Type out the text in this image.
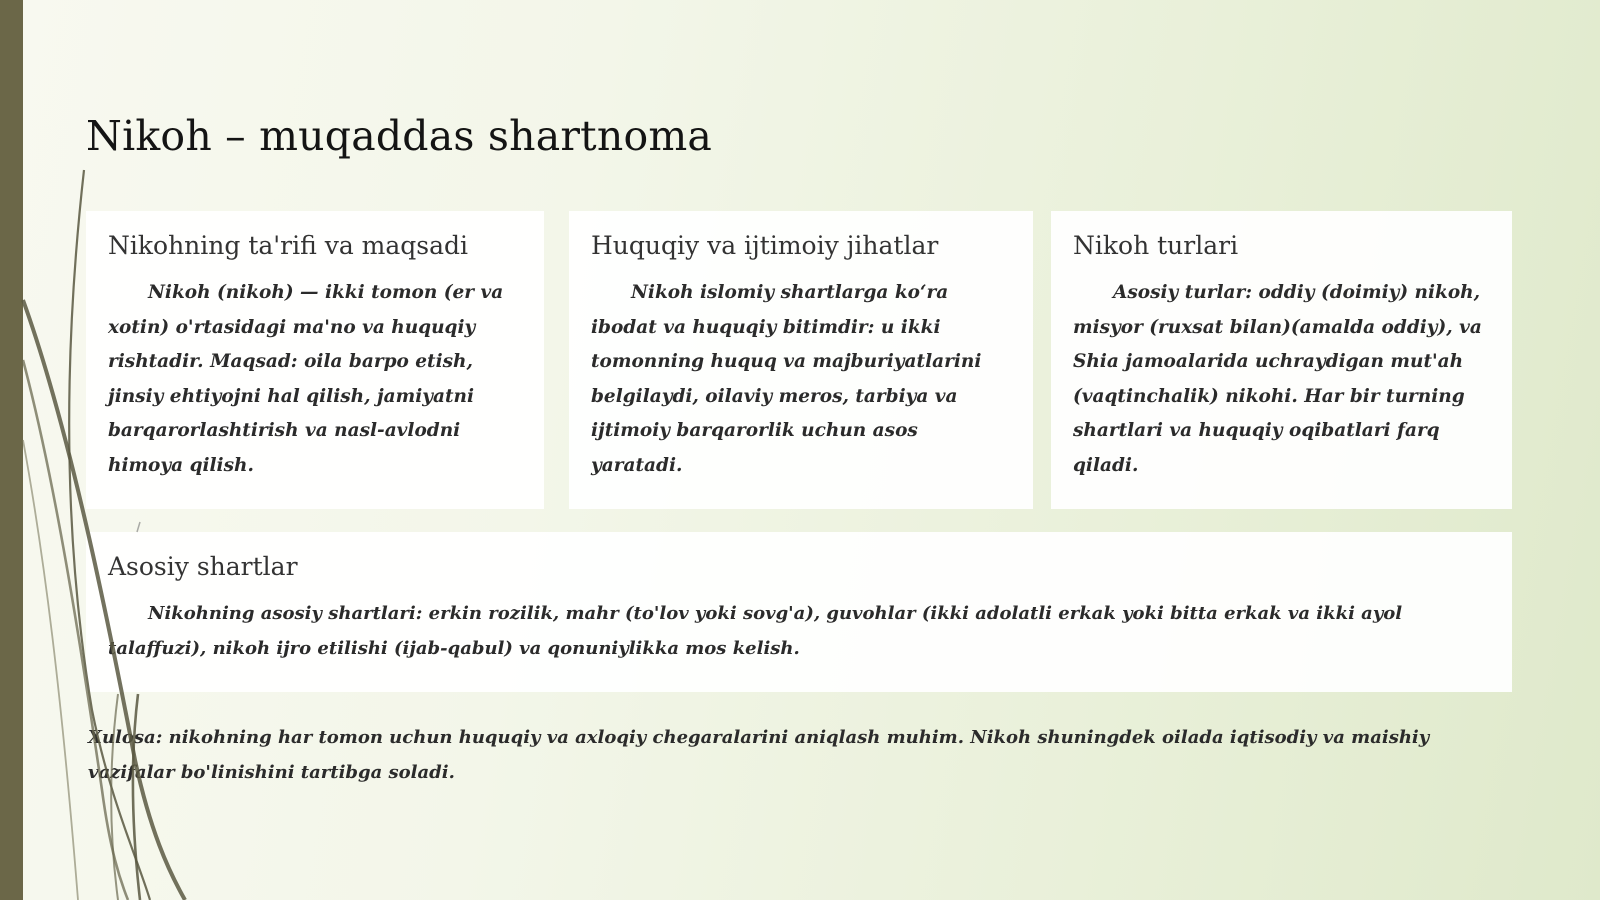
Nikoh – muqaddas shartnoma
Nikohning ta'rifi va maqsadi

Nikoh (nikoh) — ikki tomon (er va xotin) o'rtasidagi ma'no va huquqiy rishtadir. Maqsad: oila barpo etish, jinsiy ehtiyojni hal qilish, jamiyatni barqarorlashtirish va nasl-avlodni himoya qilish.

Huquqiy va ijtimoiy jihatlar

Nikoh islomiy shartlarga ko‘ra ibodat va huquqiy bitimdir: u ikki tomonning huquq va majburiyatlarini belgilaydi, oilaviy meros, tarbiya va ijtimoiy barqarorlik uchun asos yaratadi.

Nikoh turlari

Asosiy turlar: oddiy (doimiy) nikoh, misyor (ruxsat bilan)(amalda oddiy), va Shia jamoalarida uchraydigan mut'ah (vaqtinchalik) nikohi. Har bir turning shartlari va huquqiy oqibatlari farq qiladi.

Asosiy shartlar

Nikohning asosiy shartlari: erkin rozilik, mahr (to'lov yoki sovg'a), guvohlar (ikki adolatli erkak yoki bitta erkak va ikki ayol talaffuzi), nikoh ijro etilishi (ijab-qabul) va qonuniylikka mos kelish.

Xulosa: nikohning har tomon uchun huquqiy va axloqiy chegaralarini aniqlash muhim. Nikoh shuningdek oilada iqtisodiy va maishiy vazifalar bo'linishini tartibga soladi.
